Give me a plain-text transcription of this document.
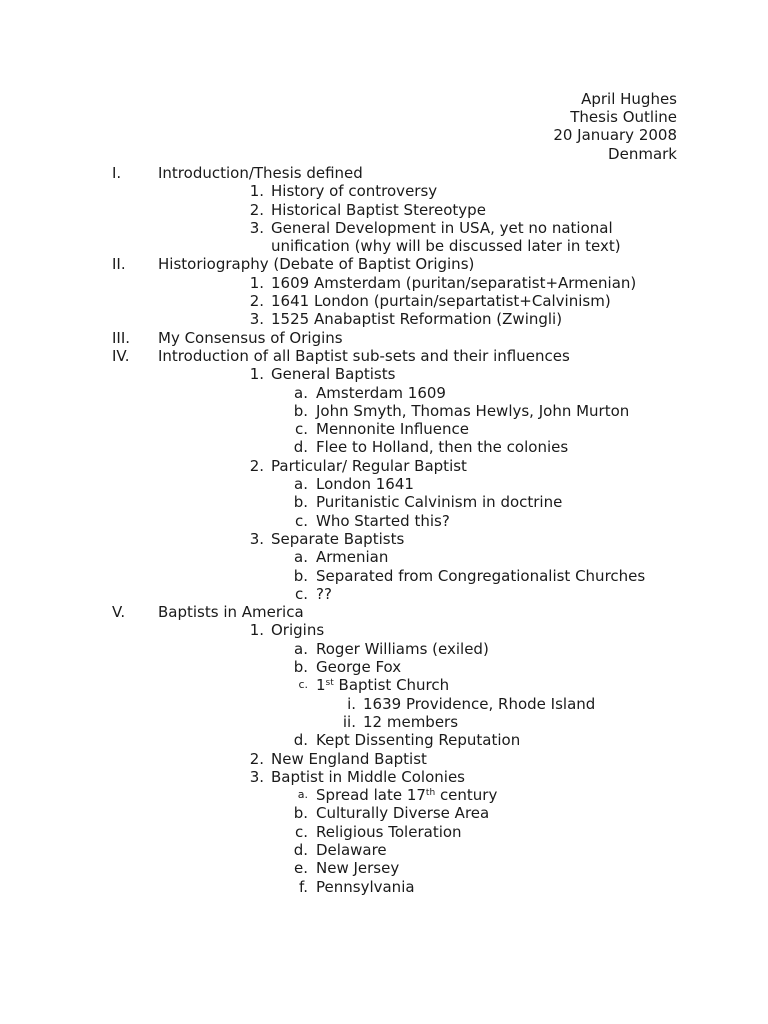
April Hughes
Thesis Outline
20 January 2008
Denmark
I. Introduction/Thesis defined
1. History of controversy
2. Historical Baptist Stereotype
3. General Development in USA, yet no national
unification (why will be discussed later in text)
II. Historiography (Debate of Baptist Origins)
1. 1609 Amsterdam (puritan/separatist+Armenian)
2. 1641 London (purtain/separtatist+Calvinism)
3. 1525 Anabaptist Reformation (Zwingli)
III. My Consensus of Origins
IV. Introduction of all Baptist sub-sets and their influences
1. General Baptists
a. Amsterdam 1609
b. John Smyth, Thomas Hewlys, John Murton
c. Mennonite Influence
d. Flee to Holland, then the colonies
2. Particular/ Regular Baptist
a. London 1641
b. Puritanistic Calvinism in doctrine
c. Who Started this?
3. Separate Baptists
a. Armenian
b. Separated from Congregationalist Churches
c. ??
V. Baptists in America
1. Origins
a. Roger Williams (exiled)
b. George Fox
c. 1st Baptist Church
i. 1639 Providence, Rhode Island
ii. 12 members
d. Kept Dissenting Reputation
2. New England Baptist
3. Baptist in Middle Colonies
a. Spread late 17th century
b. Culturally Diverse Area
c. Religious Toleration
d. Delaware
e. New Jersey
f. Pennsylvania
